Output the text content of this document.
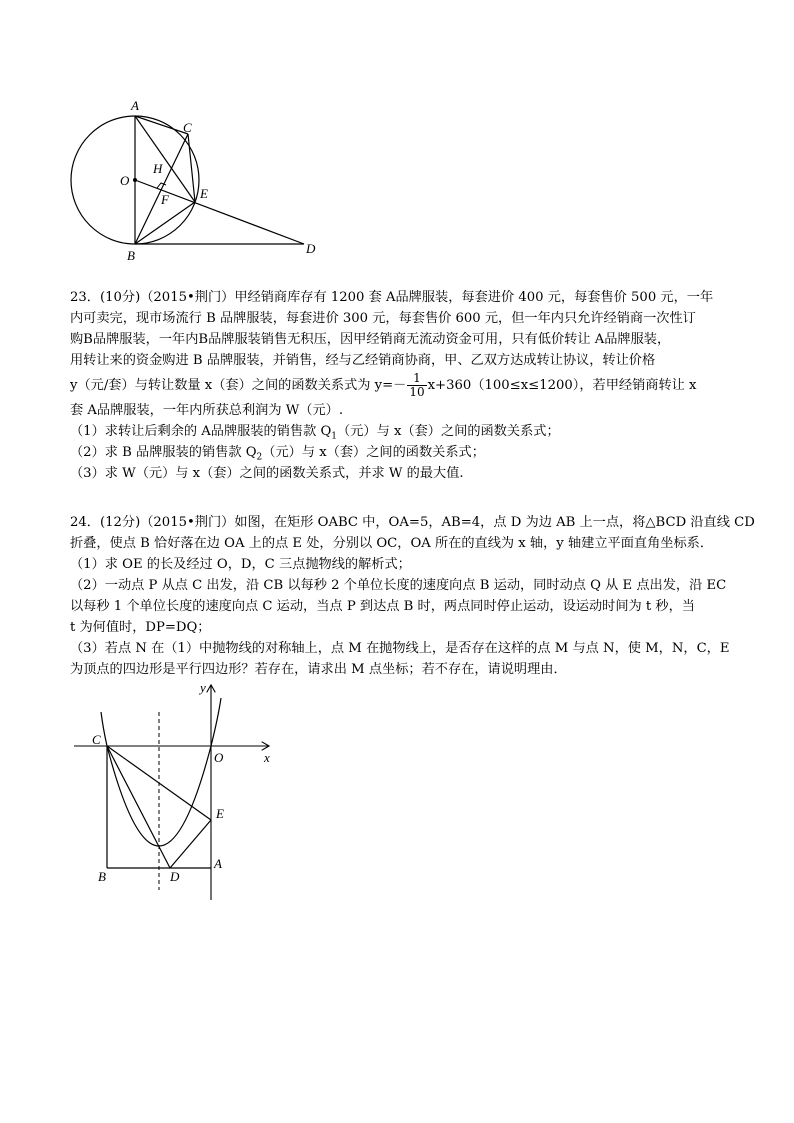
A
C
H
O
E
F
B	D
23．(10分)（2015•荆门）甲经销商库存有 1200 套 A品牌服装，每套进价 400 元，每套售价 500 元，一年
内可卖完，现市场流行 B 品牌服装，每套进价 300 元，每套售价 600 元，但一年内只允许经销商一次性订
购B品牌服装，一年内B品牌服装销售无积压，因甲经销商无流动资金可用，只有低价转让 A品牌服装，
用转让来的资金购进 B 品牌服装，并销售，经与乙经销商协商，甲、乙双方达成转让协议，转让价格
y（元/套）与转让数量 x（套）之间的函数关系式为 $y=- \frac{1}{10} x+360(100\le x\le 1200)$，若甲经销商转让 x
套 A品牌服装，一年内所获总利润为 W（元）.
（1）求转让后剩余的 A品牌服装的销售款 $Q_1$（元）与 x（套）之间的函数关系式；
（2）求 B 品牌服装的销售款 $Q_2$（元）与 x（套）之间的函数关系式；
（3）求 W（元）与 x（套）之间的函数关系式，并求 W 的最大值.
24．(12分)（2015•荆门）如图，在矩形 OABC 中，OA=5，AB=4，点 D 为边 AB 上一点，将△BCD 沿直线 CD
折叠，使点 B 恰好落在边 OA 上的点 E 处，分别以 OC，OA 所在的直线为 x 轴，y 轴建立平面直角坐标系．
（1）求 OE 的长及经过 O，D，C 三点抛物线的解析式；
（2）一动点 P 从点 C 出发，沿 CB 以每秒 2 个单位长度的速度向点 B 运动，同时动点 Q 从 E 点出发，沿 EC
以每秒 1 个单位长度的速度向点 C 运动，当点 P 到达点 B 时，两点同时停止运动，设运动时间为 t 秒，当
t 为何值时，DP=DQ；
（3）若点 N 在（1）中抛物线的对称轴上，点 M 在抛物线上，是否存在这样的点 M 与点 N，使 M，N，C，E
为顶点的四边形是平行四边形？若存在，请求出 M 点坐标；若不存在，请说明理由．
y
x
C
O
E
A
B	D
